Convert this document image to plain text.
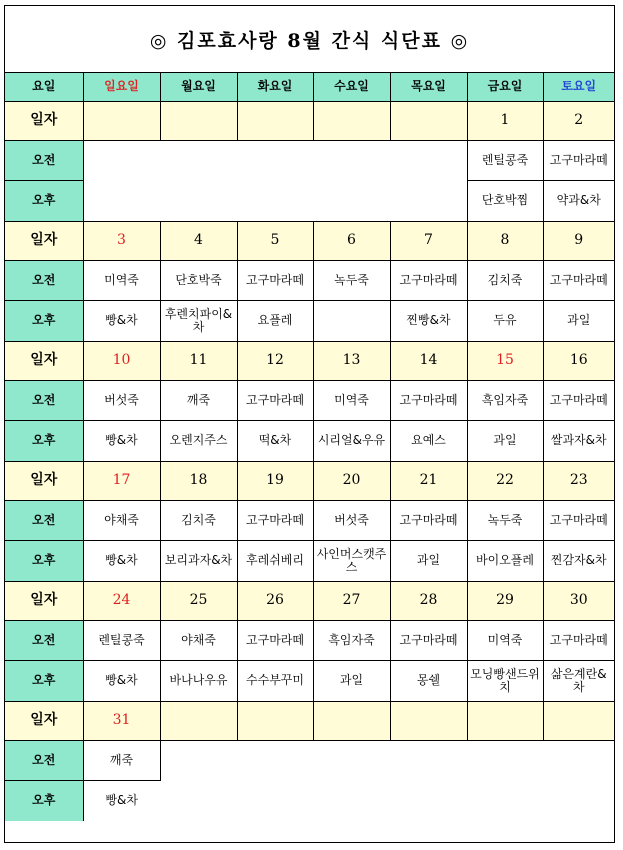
◎ 김포효사랑 8월 간식 식단표 ◎
요일	일요일	월요일	화요일	수요일	목요일	금요일	토요일
일자						1	2
오전						렌틸콩죽	고구마라떼
오후						단호박찜	약과&차
일자	3	4	5	6	7	8	9
오전	미역죽	단호박죽	고구마라떼	녹두죽	고구마라떼	김치죽	고구마라떼
오후	빵&차	후렌치파이&차	요플레		찐빵&차	두유	과일
일자	10	11	12	13	14	15	16
오전	버섯죽	깨죽	고구마라떼	미역죽	고구마라떼	흑임자죽	고구마라떼
오후	빵&차	오렌지주스	떡&차	시리얼&우유	요예스	과일	쌀과자&차
일자	17	18	19	20	21	22	23
오전	야채죽	김치죽	고구마라떼	버섯죽	고구마라떼	녹두죽	고구마라떼
오후	빵&차	보리과자&차	후레쉬베리	사인머스캣주스	과일	바이오플레	찐감자&차
일자	24	25	26	27	28	29	30
오전	렌틸콩죽	야채죽	고구마라떼	흑임자죽	고구마라떼	미역죽	고구마라떼
오후	빵&차	바나나우유	수수부꾸미	과일	몽쉘	모닝빵샌드위치	삶은계란&차
일자	31						
오전	깨죽						
오후	빵&차						
